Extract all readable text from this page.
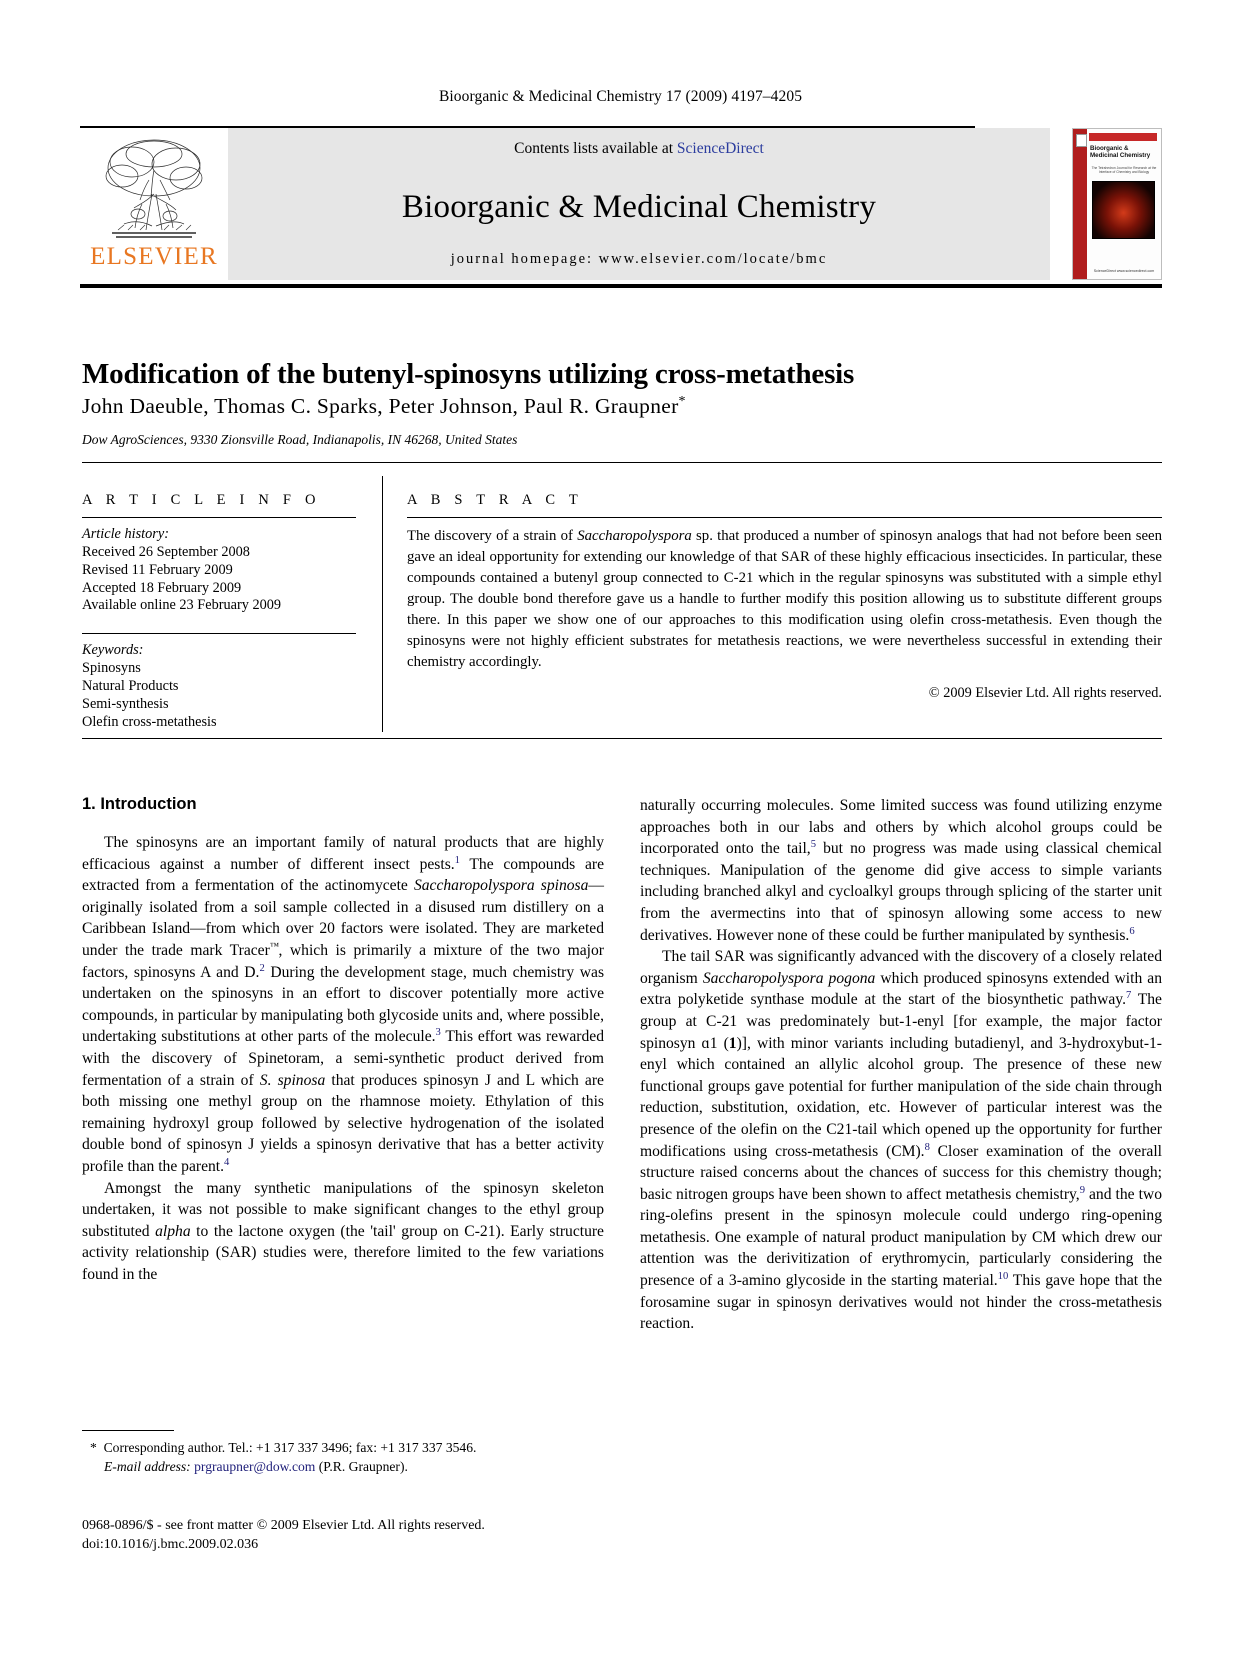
Bioorganic & Medicinal Chemistry 17 (2009) 4197–4205
ELSEVIER
Contents lists available at ScienceDirect
Bioorganic & Medicinal Chemistry
journal homepage: www.elsevier.com/locate/bmc
Bioorganic & Medicinal Chemistry
The Tetrahedron Journal for Research at the Interface of Chemistry and Biology
ScienceDirect www.sciencedirect.com
Modification of the butenyl-spinosyns utilizing cross-metathesis
John Daeuble, Thomas C. Sparks, Peter Johnson, Paul R. Graupner*
Dow AgroSciences, 9330 Zionsville Road, Indianapolis, IN 46268, United States
A R T I C L E I N F O
Article history:
Received 26 September 2008
Revised 11 February 2009
Accepted 18 February 2009
Available online 23 February 2009
Keywords:
Spinosyns
Natural Products
Semi-synthesis
Olefin cross-metathesis
A B S T R A C T
The discovery of a strain of Saccharopolyspora sp. that produced a number of spinosyn analogs that had not before been seen gave an ideal opportunity for extending our knowledge of that SAR of these highly efficacious insecticides. In particular, these compounds contained a butenyl group connected to C-21 which in the regular spinosyns was substituted with a simple ethyl group. The double bond therefore gave us a handle to further modify this position allowing us to substitute different groups there. In this paper we show one of our approaches to this modification using olefin cross-metathesis. Even though the spinosyns were not highly efficient substrates for metathesis reactions, we were nevertheless successful in extending their chemistry accordingly.
© 2009 Elsevier Ltd. All rights reserved.
1. Introduction

The spinosyns are an important family of natural products that are highly efficacious against a number of different insect pests.$^1$ The compounds are extracted from a fermentation of the actinomycete Saccharopolyspora spinosa—originally isolated from a soil sample collected in a disused rum distillery on a Caribbean Island—from which over 20 factors were isolated. They are marketed under the trade mark Tracer™, which is primarily a mixture of the two major factors, spinosyns A and D.$^2$ During the development stage, much chemistry was undertaken on the spinosyns in an effort to discover potentially more active compounds, in particular by manipulating both glycoside units and, where possible, undertaking substitutions at other parts of the molecule.$^3$ This effort was rewarded with the discovery of Spinetoram, a semi-synthetic product derived from fermentation of a strain of S. spinosa that produces spinosyn J and L which are both missing one methyl group on the rhamnose moiety. Ethylation of this remaining hydroxyl group followed by selective hydrogenation of the isolated double bond of spinosyn J yields a spinosyn derivative that has a better activity profile than the parent.$^4$

Amongst the many synthetic manipulations of the spinosyn skeleton undertaken, it was not possible to make significant changes to the ethyl group substituted alpha to the lactone oxygen (the 'tail' group on C-21). Early structure activity relationship (SAR) studies were, therefore limited to the few variations found in the

naturally occurring molecules. Some limited success was found utilizing enzyme approaches both in our labs and others by which alcohol groups could be incorporated onto the tail,$^5$ but no progress was made using classical chemical techniques. Manipulation of the genome did give access to simple variants including branched alkyl and cycloalkyl groups through splicing of the starter unit from the avermectins into that of spinosyn allowing some access to new derivatives. However none of these could be further manipulated by synthesis.$^6$

The tail SAR was significantly advanced with the discovery of a closely related organism Saccharopolyspora pogona which produced spinosyns extended with an extra polyketide synthase module at the start of the biosynthetic pathway.$^7$ The group at C-21 was predominately but-1-enyl [for example, the major factor spinosyn ɑ1 (1)], with minor variants including butadienyl, and 3-hydroxybut-1-enyl which contained an allylic alcohol group. The presence of these new functional groups gave potential for further manipulation of the side chain through reduction, substitution, oxidation, etc. However of particular interest was the presence of the olefin on the C21-tail which opened up the opportunity for further modifications using cross-metathesis (CM).$^8$ Closer examination of the overall structure raised concerns about the chances of success for this chemistry though; basic nitrogen groups have been shown to affect metathesis chemistry,$^9$ and the two ring-olefins present in the spinosyn molecule could undergo ring-opening metathesis. One example of natural product manipulation by CM which drew our attention was the derivitization of erythromycin, particularly considering the presence of a 3-amino glycoside in the starting material.$^{10}$ This gave hope that the forosamine sugar in spinosyn derivatives would not hinder the cross-metathesis reaction.

* Corresponding author. Tel.: +1 317 337 3496; fax: +1 317 337 3546.
E-mail address: prgraupner@dow.com (P.R. Graupner).
0968-0896/$ - see front matter © 2009 Elsevier Ltd. All rights reserved.
doi:10.1016/j.bmc.2009.02.036
